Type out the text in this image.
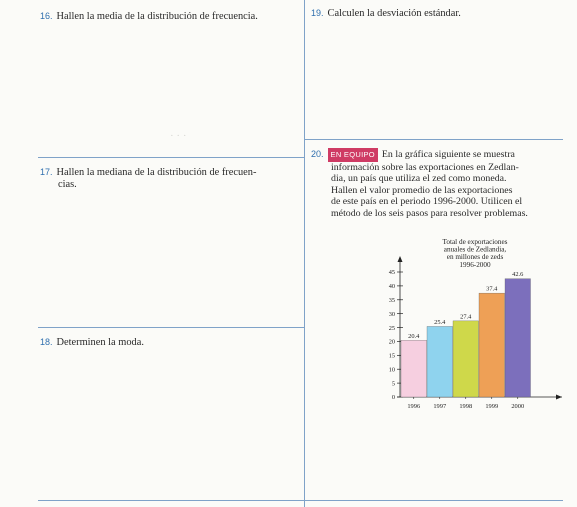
· · ·
16. Hallen la media de la distribución de frecuencia.
17. Hallen la mediana de la distribución de frecuen-
cias.
18. Determinen la moda.
19. Calculen la desviación estándar.
20. EN EQUIPO En la gráfica siguiente se muestra
información sobre las exportaciones en Zedlan-
dia, un país que utiliza el zed como moneda.
Hallen el valor promedio de las exportaciones
de este país en el periodo 1996-2000. Utilicen el
método de los seis pasos para resolver problemas.
Total de exportaciones
anuales de Zedlandia,
en millones de zeds
1996-2000
45
40
35
30
25
20
15
10
5
0
20.4
1996
25.4
1997
27.4
1998
37.4
1999
42.6
2000
